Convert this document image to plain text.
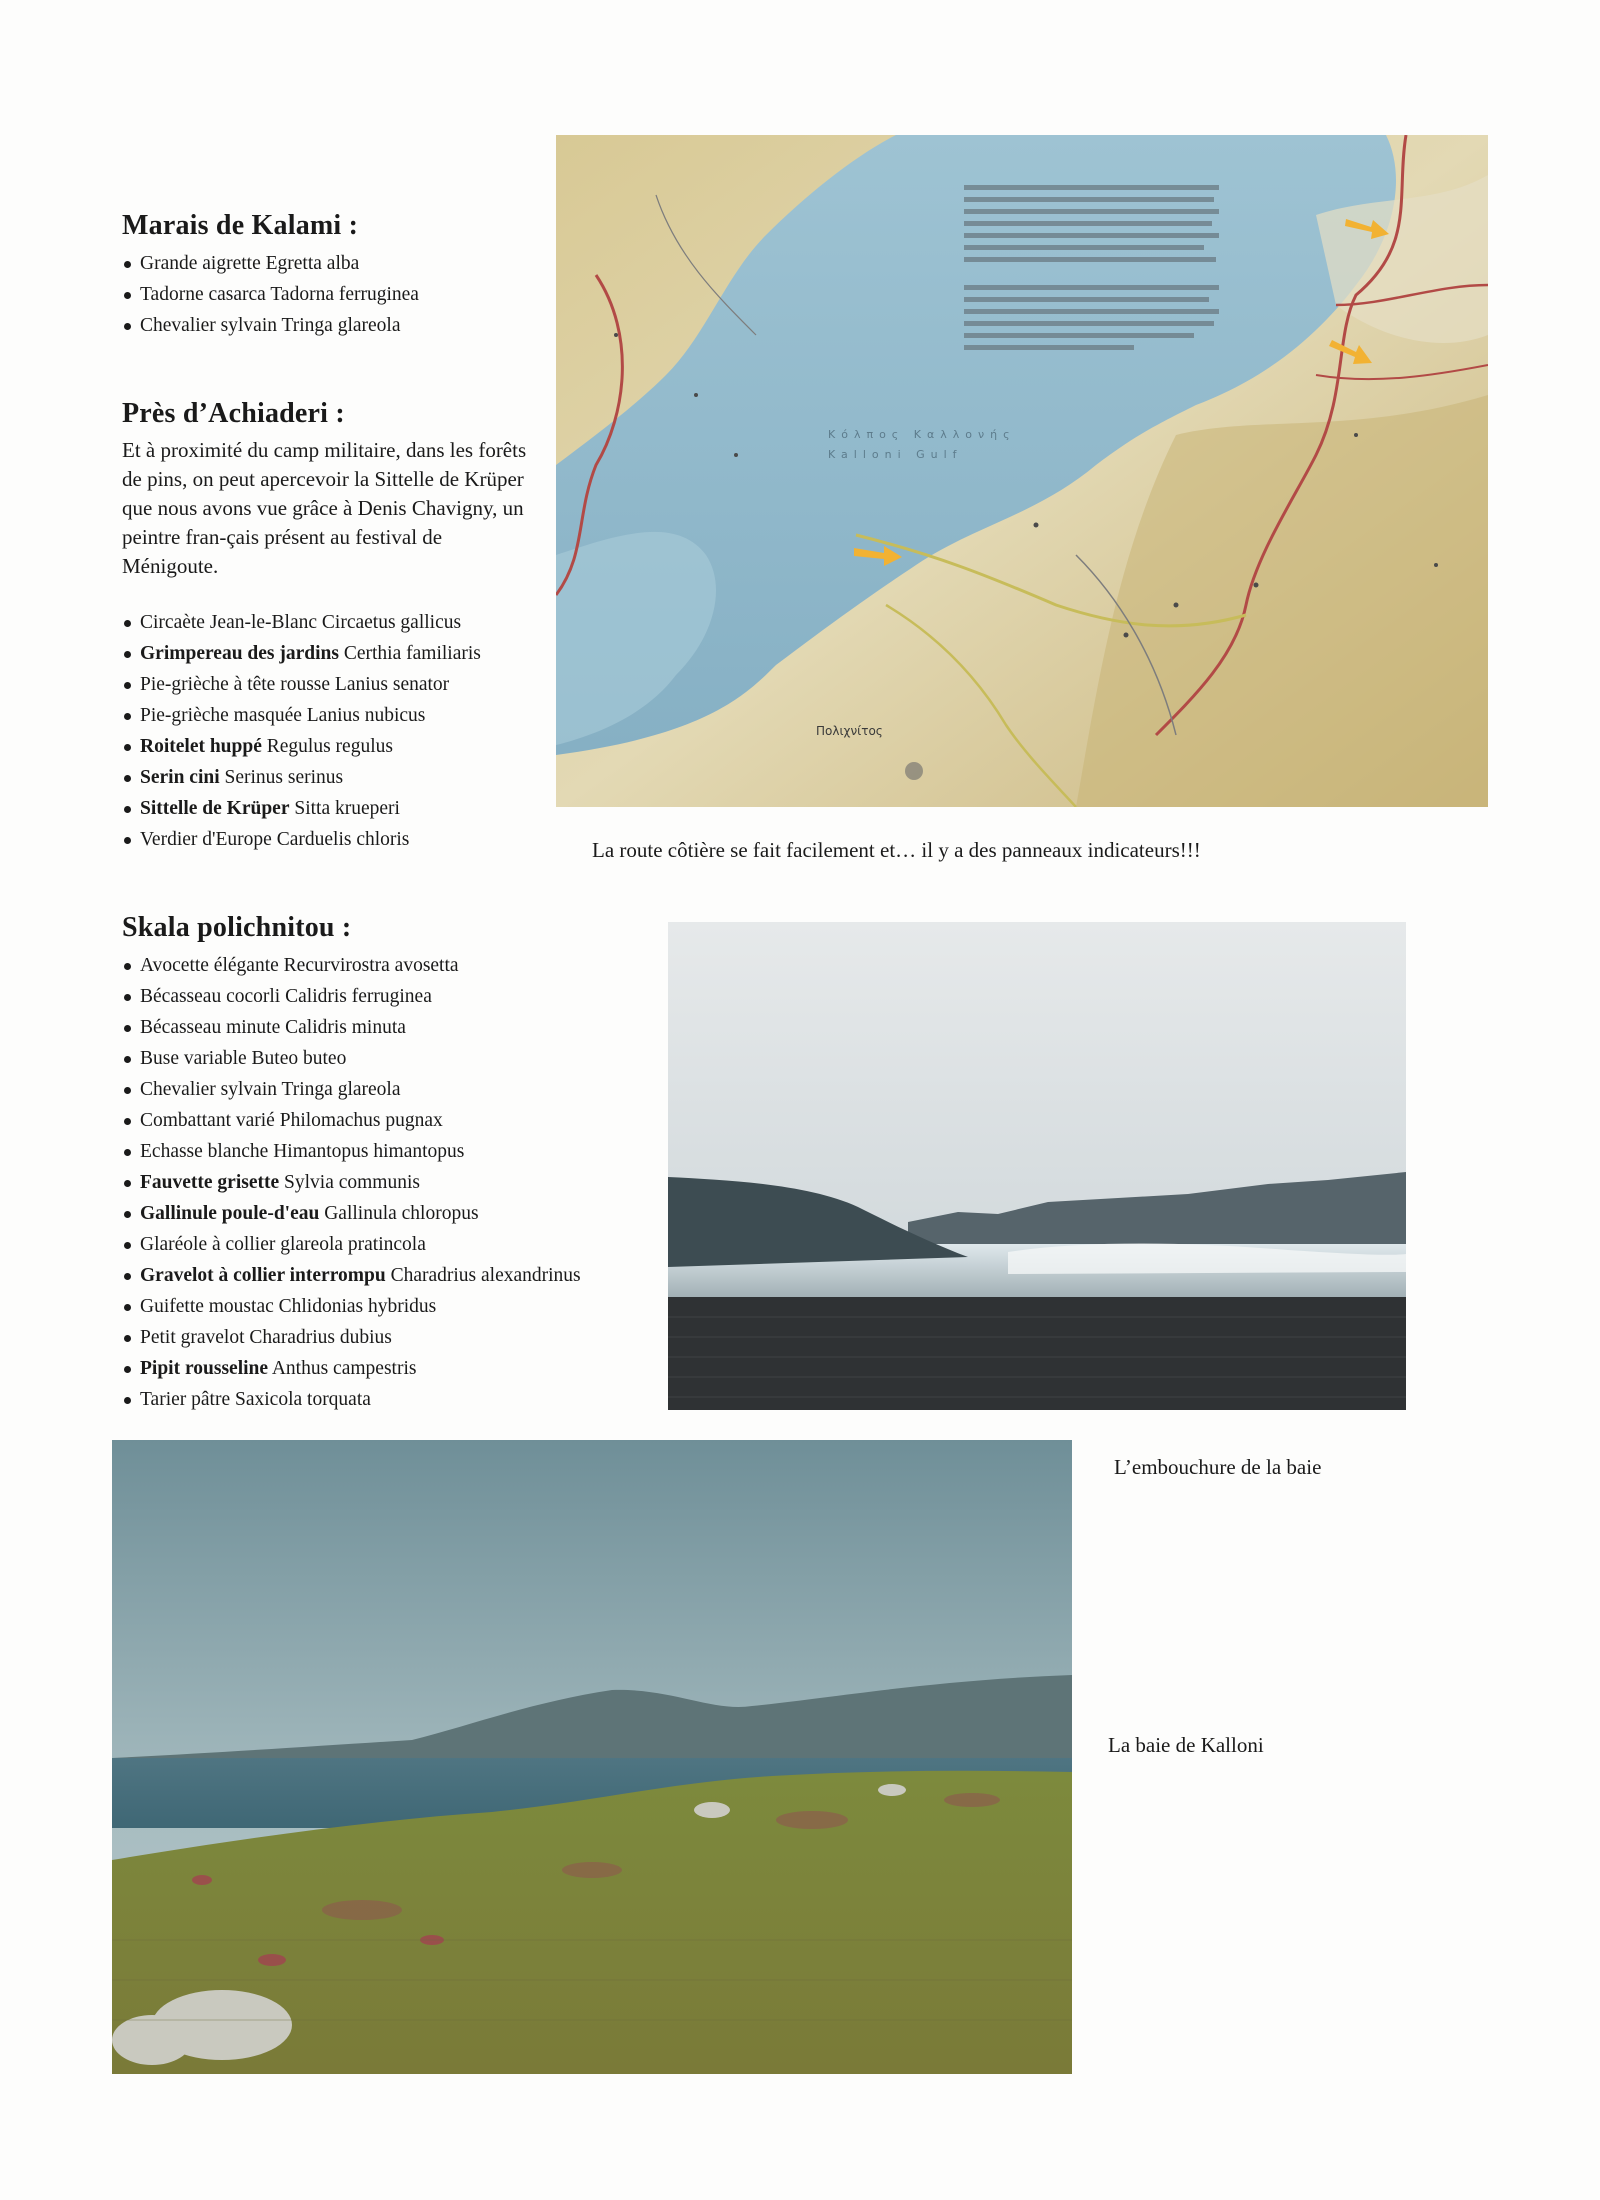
Marais de Kalami :
Grande aigrette Egretta alba
Tadorne casarca Tadorna ferruginea
Chevalier sylvain Tringa glareola
Près d’Achiaderi :

Et à proximité du camp militaire, dans les forêts de pins, on peut apercevoir la Sittelle de Krüper que nous avons vue grâce à Denis Chavigny, un peintre fran-çais présent au festival de Ménigoute.

Circaète Jean-le-Blanc Circaetus gallicus
Grimpereau des jardins Certhia familiaris
Pie-grièche à tête rousse Lanius senator
Pie-grièche masquée Lanius nubicus
Roitelet huppé Regulus regulus
Serin cini Serinus serinus
Sittelle de Krüper Sitta krueperi
Verdier d'Europe Carduelis chloris
Skala polichnitou :
Avocette élégante Recurvirostra avosetta
Bécasseau cocorli Calidris ferruginea
Bécasseau minute Calidris minuta
Buse variable Buteo buteo
Chevalier sylvain Tringa glareola
Combattant varié Philomachus pugnax
Echasse blanche Himantopus himantopus
Fauvette grisette Sylvia communis
Gallinule poule-d'eau Gallinula chloropus
Glaréole à collier glareola pratincola
Gravelot à collier interrompu Charadrius alexandrinus
Guifette moustac Chlidonias hybridus
Petit gravelot Charadrius dubius
Pipit rousseline Anthus campestris
Tarier pâtre Saxicola torquata
Κόλπος Καλλονής
Kalloni Gulf
Πολιχνίτος
La route côtière se fait facilement et… il y a des panneaux indicateurs!!!
L’embouchure de la baie
La baie de Kalloni
